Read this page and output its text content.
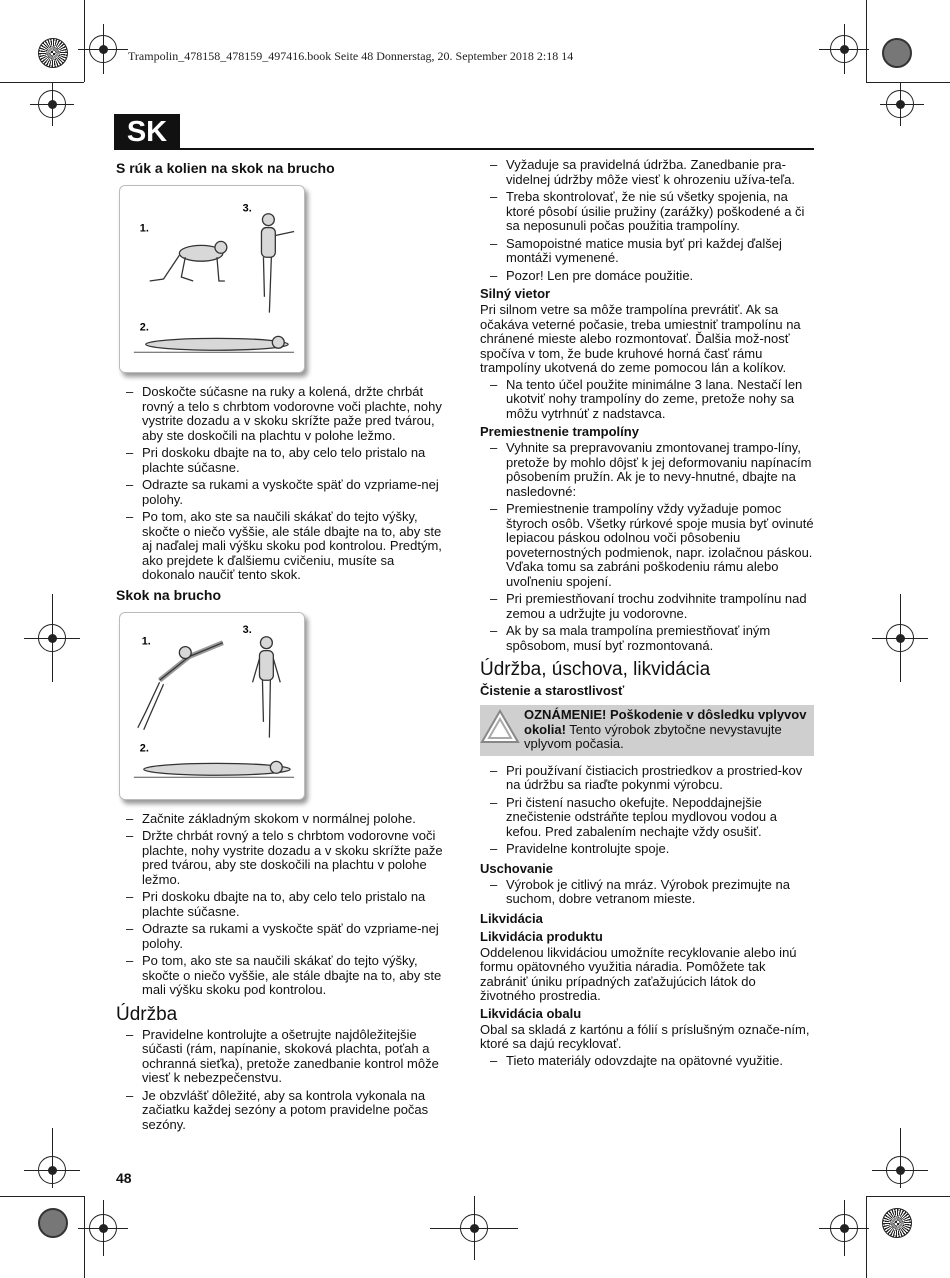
Trampolin_478158_478159_497416.book Seite 48 Donnerstag, 20. September 2018 2:18 14
SK
S rúk a kolien na skok na brucho
1.
3.
2.
– Doskočte súčasne na ruky a kolená, držte chrbát rovný a telo s chrbtom vodorovne voči plachte, nohy vystrite dozadu a v skoku skrížte paže pred tvárou, aby ste doskočili na plachtu v polohe ležmo.
– Pri doskoku dbajte na to, aby celo telo pristalo na plachte súčasne.
– Odrazte sa rukami a vyskočte späť do vzpriame-nej polohy.
– Po tom, ako ste sa naučili skákať do tejto výšky, skočte o niečo vyššie, ale stále dbajte na to, aby ste aj naďalej mali výšku skoku pod kontrolou. Predtým, ako prejdete k ďalšiemu cvičeniu, musíte sa dokonalo naučiť tento skok.
Skok na brucho
1.
3.
2.
– Začnite základným skokom v normálnej polohe.
– Držte chrbát rovný a telo s chrbtom vodorovne voči plachte, nohy vystrite dozadu a v skoku skrížte paže pred tvárou, aby ste doskočili na plachtu v polohe ležmo.
– Pri doskoku dbajte na to, aby celo telo pristalo na plachte súčasne.
– Odrazte sa rukami a vyskočte späť do vzpriame-nej polohy.
– Po tom, ako ste sa naučili skákať do tejto výšky, skočte o niečo vyššie, ale stále dbajte na to, aby ste mali výšku skoku pod kontrolou.
Údržba
– Pravidelne kontrolujte a ošetrujte najdôležitejšie súčasti (rám, napínanie, skoková plachta, poťah a ochranná sieťka), pretože zanedbanie kontrol môže viesť k nebezpečenstvu.
– Je obzvlášť dôležité, aby sa kontrola vykonala na začiatku každej sezóny a potom pravidelne počas sezóny.
– Vyžaduje sa pravidelná údržba. Zanedbanie pra-videlnej údržby môže viesť k ohrozeniu užíva-teľa.
– Treba skontrolovať, že nie sú všetky spojenia, na ktoré pôsobí úsilie pružiny (zarážky) poškodené a či sa neposunuli počas použitia trampolíny.
– Samopoistné matice musia byť pri každej ďalšej montáži vymenené.
– Pozor! Len pre domáce použitie.
Silný vietor

Pri silnom vetre sa môže trampolína prevrátiť. Ak sa očakáva veterné počasie, treba umiestniť trampolínu na chránené mieste alebo rozmontovať. Ďalšia mož-nosť spočíva v tom, že bude kruhové horná časť rámu trampolíny ukotvená do zeme pomocou lán a kolíkov.

– Na tento účel použite minimálne 3 lana. Nestačí len ukotviť nohy trampolíny do zeme, pretože nohy sa môžu vytrhnúť z nadstavca.
Premiestnenie trampolíny
– Vyhnite sa prepravovaniu zmontovanej trampo-líny, pretože by mohlo dôjsť k jej deformovaniu napínacím pôsobením pružín. Ak je to nevy-hnutné, dbajte na nasledovné:
– Premiestnenie trampolíny vždy vyžaduje pomoc štyroch osôb. Všetky rúrkové spoje musia byť ovinuté lepiacou páskou odolnou voči pôsobeniu poveternostných podmienok, napr. izolačnou páskou. Vďaka tomu sa zabráni poškodeniu rámu alebo uvoľneniu spojení.
– Pri premiestňovaní trochu zodvihnite trampolínu nad zemou a udržujte ju vodorovne.
– Ak by sa mala trampolína premiestňovať iným spôsobom, musí byť rozmontovaná.
Údržba, úschova, likvidácia
Čistenie a starostlivosť
OZNÁMENIE! Poškodenie v dôsledku vplyvov okolia! Tento výrobok zbytočne nevystavujte vplyvom počasia.
– Pri používaní čistiacich prostriedkov a prostried-kov na údržbu sa riaďte pokynmi výrobcu.
– Pri čistení nasucho okefujte. Nepoddajnejšie znečistenie odstráňte teplou mydlovou vodou a kefou. Pred zabalením nechajte vždy osušiť.
– Pravidelne kontrolujte spoje.
Uschovanie
– Výrobok je citlivý na mráz. Výrobok prezimujte na suchom, dobre vetranom mieste.
Likvidácia
Likvidácia produktu

Oddelenou likvidáciou umožníte recyklovanie alebo inú formu opätovného využitia náradia. Pomôžete tak zabrániť úniku prípadných zaťažujúcich látok do životného prostredia.

Likvidácia obalu

Obal sa skladá z kartónu a fólií s príslušným označe-ním, ktoré sa dajú recyklovať.

– Tieto materiály odovzdajte na opätovné využitie.
48
